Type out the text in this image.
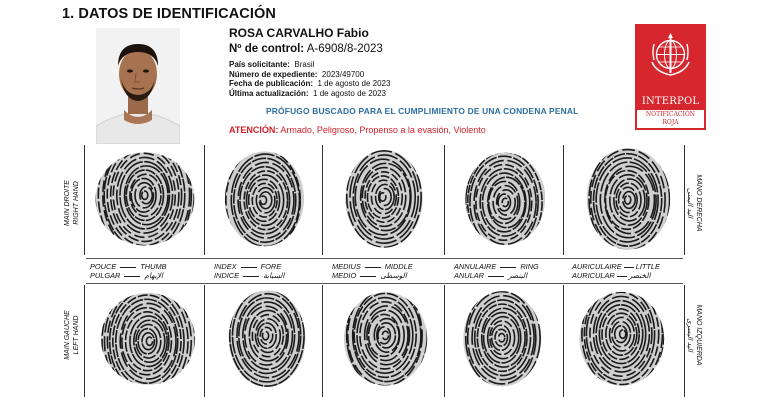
1. DATOS DE IDENTIFICACIÓN
ROSA CARVALHO Fabio
Nº de control: A-6908/8-2023
País solicitante: Brasil
Número de expediente: 2023/49700
Fecha de publicación: 1 de agosto de 2023
Última actualización: 1 de agosto de 2023
PRÓFUGO BUSCADO PARA EL CUMPLIMIENTO DE UNA CONDENA PENAL
ATENCIÓN: Armado, Peligroso, Propenso a la evasión, Violento
INTERPOL
NOTIFICACIÓN
ROJA
MAIN DROITE RIGHT HAND
MAIN GAUCHE LEFT HAND
MANO DERECHA
اليد اليمنى
MANO IZQUIERDA
اليد اليسرى
POUCE	THUMB
PULGAR	الإبهام
INDEX	FORE
INDICE	السبابة
MEDIUS	MIDDLE
MEDIO	الوسطى
ANNULAIRE	RING
ANULAR	البنصر
AURICULAIRE LITTLE
AURICULAR الخنصر
